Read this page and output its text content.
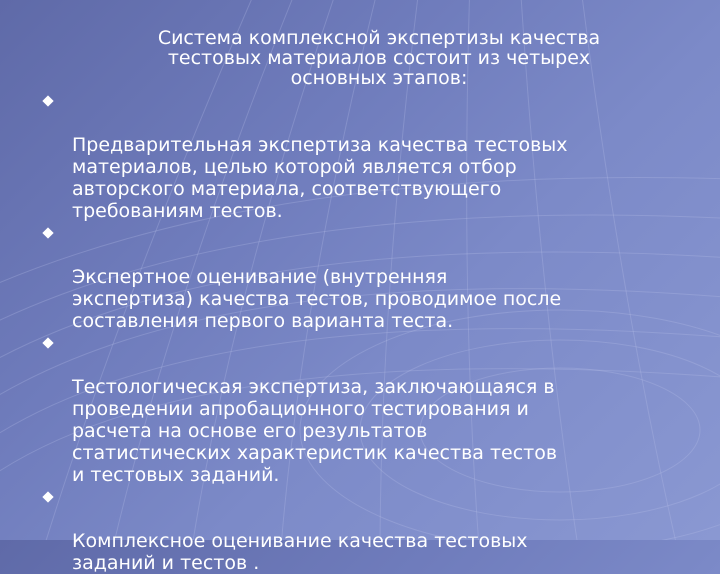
Система комплексной экспертизы качества
тестовых материалов состоит из четырех
основных этапов:

Предварительная экспертиза качества тестовых
материалов, целью которой является отбор
авторского материала, соответствующего
требованиям тестов.

Экспертное оценивание (внутренняя
экспертиза) качества тестов, проводимое после
составления первого варианта теста.

Тестологическая экспертиза, заключающаяся в
проведении апробационного тестирования и
расчета на основе его результатов
статистических характеристик качества тестов
и тестовых заданий.

Комплексное оценивание качества тестовых
заданий и тестов .
